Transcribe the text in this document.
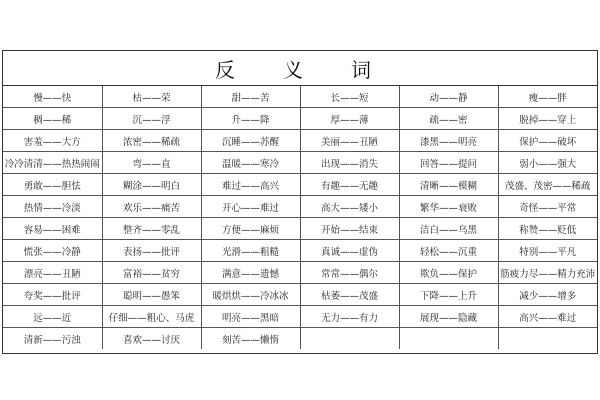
反　义　词
慢——快	枯——荣	甜——苦	长——短	动——静	瘦——胖
稠——稀	沉——浮	升——降	厚——薄	疏——密	脱掉——穿上
害羞——大方	浓密——稀疏	沉睡——苏醒	美丽——丑陋	漆黑——明亮	保护——破坏
冷冷清清——热热闹闹	弯——直	温暖——寒冷	出现——消失	回答——提问	弱小——强大
勇敢——胆怯	糊涂——明白	难过——高兴	有趣——无趣	清晰——模糊	茂盛、茂密——稀疏
热情——冷淡	欢乐——痛苦	开心——难过	高大——矮小	繁华——衰败	奇怪——平常
容易——困难	整齐——零乱	方便——麻烦	开始——结束	洁白——乌黑	称赞——贬低
慌张——冷静	表扬——批评	光滑——粗糙	真诚——虚伪	轻松——沉重	特别——平凡
漂亮——丑陋	富裕——贫穷	满意——遗憾	常常——偶尔	欺负——保护	筋疲力尽——精力充沛
夸奖——批评	聪明——愚笨	暖烘烘——冷冰冰	枯萎——茂盛	下降——上升	减少——增多
远——近	仔细——粗心、马虎	明亮——黑暗	无力——有力	展现——隐藏	高兴——难过
清新——污浊	喜欢——讨厌	刻苦——懒惰			
